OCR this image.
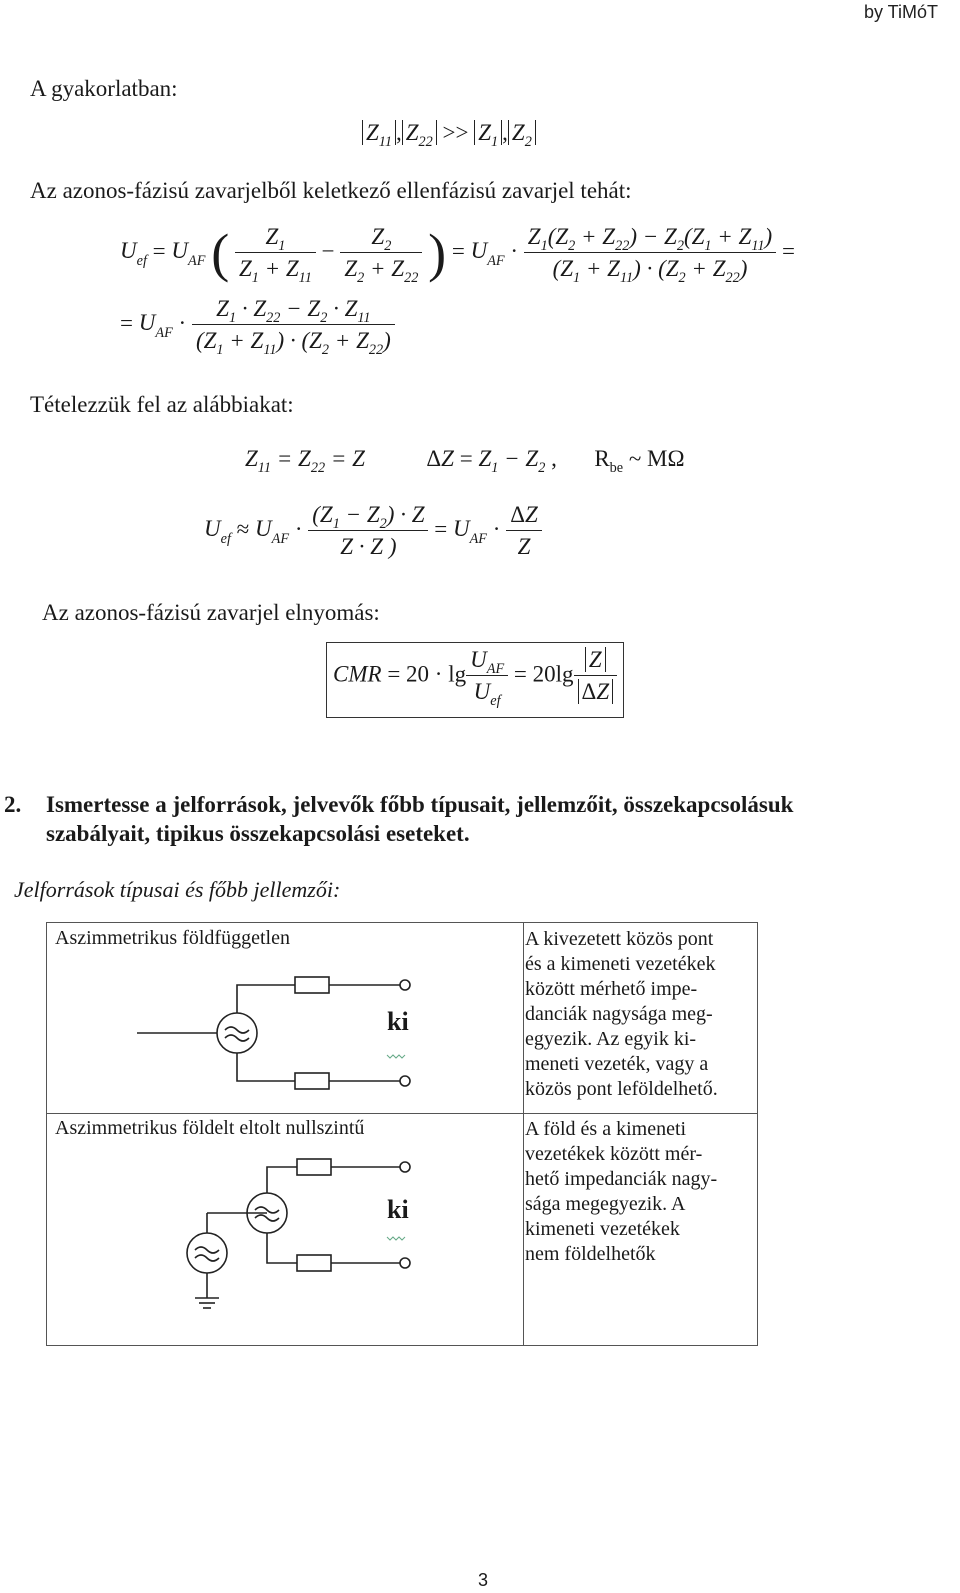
by TiMóT
A gyakorlatban:
$Z_{11}$ , $Z_{22} >> Z_1$ , $Z_2$
Az azonos-fázisú zavarjelből keletkező ellenfázisú zavarjel tehát:
$U_{ef} = U_{AF}$ ( $\frac{Z_1}{Z_1 + Z_{11}} - \frac{Z_2}{Z_2 + Z_{22}}$ ) = $U_{AF} \cdot \frac{Z_1(Z_2 + Z_{22}) - Z_2(Z_1 + Z_{11})}{(Z_1 + Z_{11}) \cdot (Z_2 + Z_{22})}$ =
= $U_{AF} \cdot \frac{Z_1 \cdot Z_{22} - Z_2 \cdot Z_{11}}{(Z_1 + Z_{11}) \cdot (Z_2 + Z_{22})}$
Tételezzük fel az alábbiakat:
$Z_{11} = Z_{22} = Z$  $\Delta Z = Z_1 - Z_2$ ,  $R_{be}$ ~ MΩ
$U_{ef} \approx U_{AF} \cdot \frac{(Z_1 - Z_2) \cdot Z}{Z \cdot Z )} = U_{AF} \cdot \frac{\Delta Z}{Z}$
Az azonos-fázisú zavarjel elnyomás:
CMR = $20 \cdot \lg \frac{U_{AF}}{U_{ef}} = 20\lg \frac{Z}{\Delta Z}$
2. Ismertesse a jelforrások, jelvevők főbb típusait, jellemzőit, összekapcsolásuk
szabályait, tipikus összekapcsolási eseteket.
Jelforrások típusai és főbb jellemzői:
Aszimmetrikus földfüggetlen
ki
A kivezetett közös pont
és a kimeneti vezetékek
között mérhető impe-
danciák nagysága meg-
egyezik. Az egyik ki-
meneti vezeték, vagy a
közös pont leföldelhető.
Aszimmetrikus földelt eltolt nullszintű
ki
A föld és a kimeneti
vezetékek között mér-
hető impedanciák nagy-
sága megegyezik. A
kimeneti vezetékek
nem földelhetők
3
